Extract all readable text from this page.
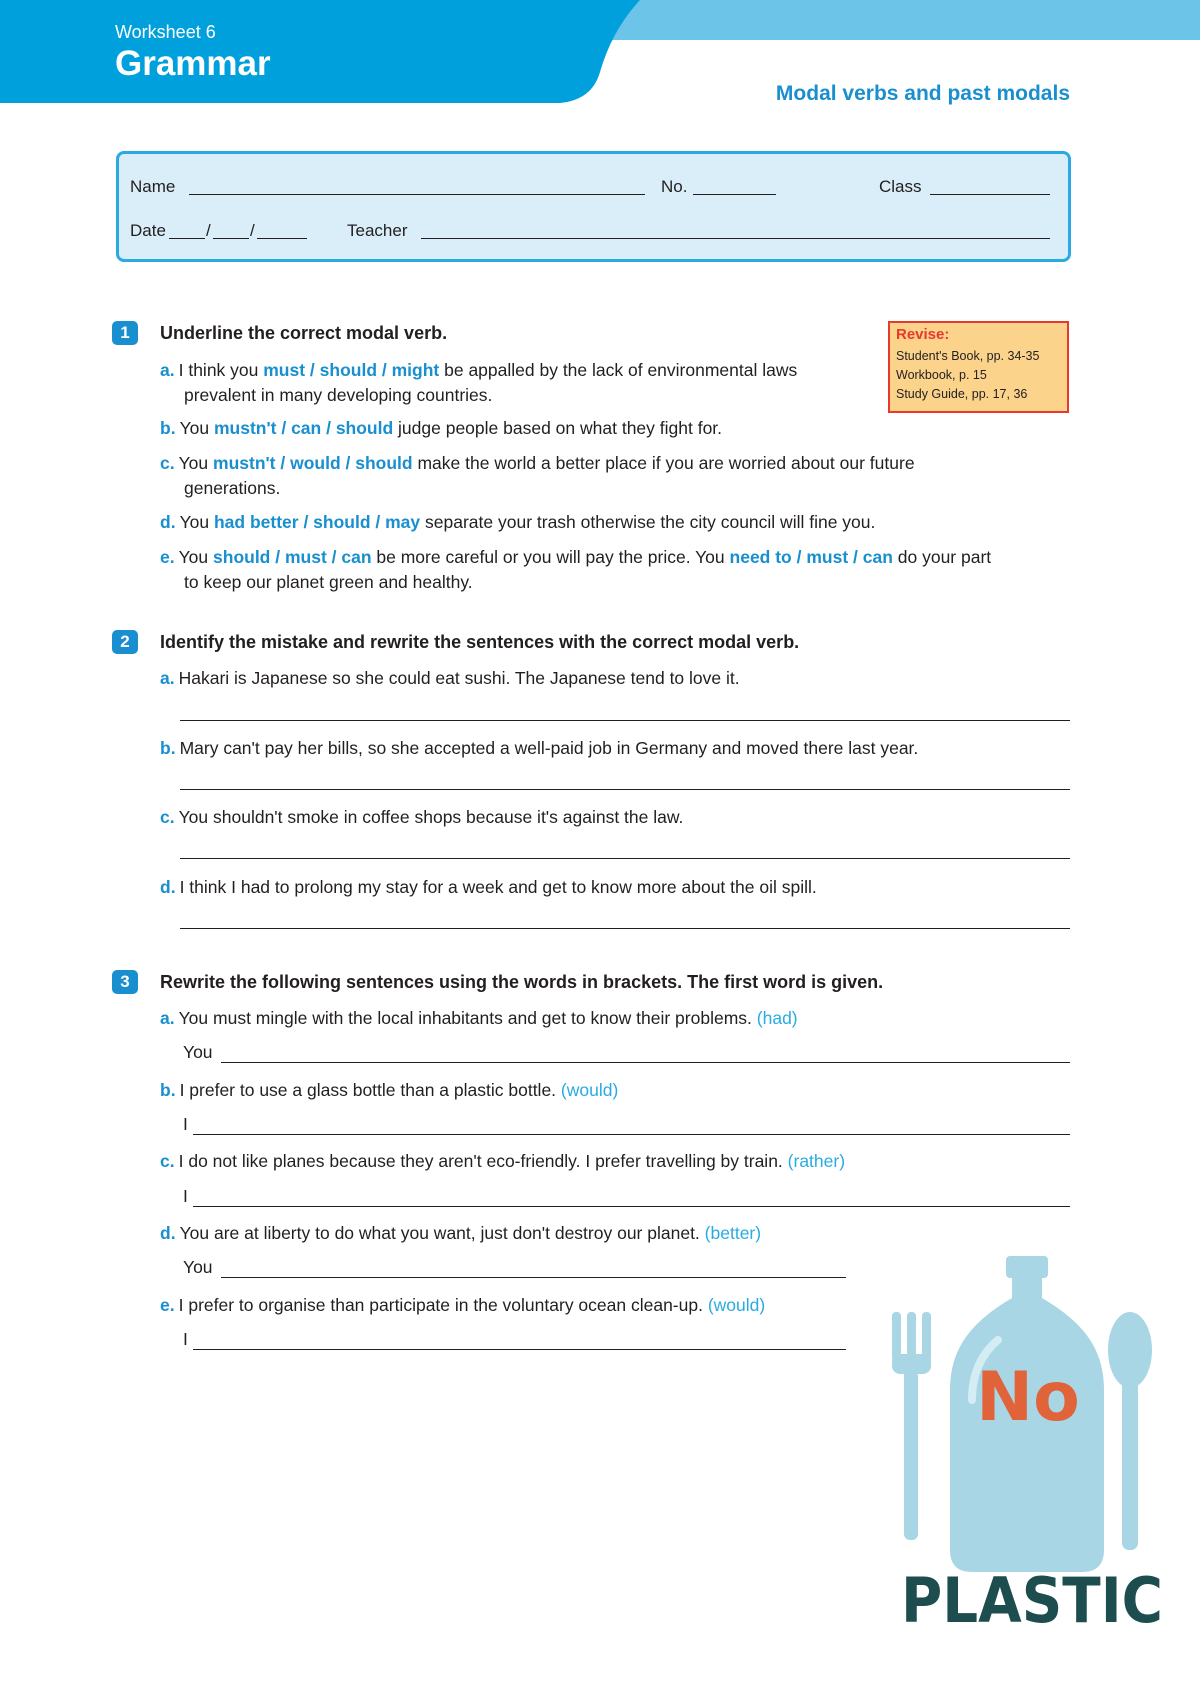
Worksheet 6
Grammar
Modal verbs and past modals
Name	No.	Class
Date / /	Teacher
Revise:
Student's Book, pp. 34-35
Workbook, p. 15
Study Guide, pp. 17, 36
1	Underline the correct modal verb.
a. I think you must / should / might be appalled by the lack of environmental laws
prevalent in many developing countries.
b. You mustn't / can / should judge people based on what they fight for.
c. You mustn't / would / should make the world a better place if you are worried about our future
generations.
d. You had better / should / may separate your trash otherwise the city council will fine you.
e. You should / must / can be more careful or you will pay the price. You need to / must / can do your part
to keep our planet green and healthy.
2	Identify the mistake and rewrite the sentences with the correct modal verb.
a. Hakari is Japanese so she could eat sushi. The Japanese tend to love it.
b. Mary can't pay her bills, so she accepted a well-paid job in Germany and moved there last year.
c. You shouldn't smoke in coffee shops because it's against the law.
d. I think I had to prolong my stay for a week and get to know more about the oil spill.
3	Rewrite the following sentences using the words in brackets. The first word is given.
a. You must mingle with the local inhabitants and get to know their problems. (had)
You
b. I prefer to use a glass bottle than a plastic bottle. (would)
I
c. I do not like planes because they aren't eco-friendly. I prefer travelling by train. (rather)
I
d. You are at liberty to do what you want, just don't destroy our planet. (better)
You
e. I prefer to organise than participate in the voluntary ocean clean-up. (would)
I
No
PLASTIC
